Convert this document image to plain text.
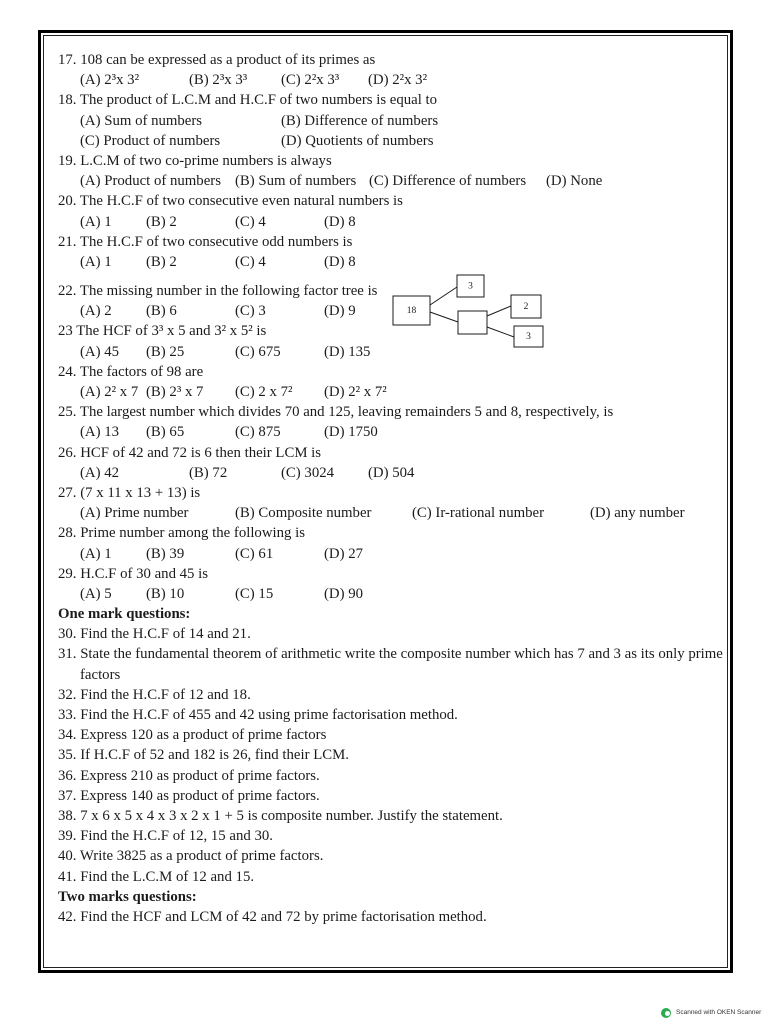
17. 108 can be expressed as a product of its primes as
(A) 2³x 3²	(B) 2³x 3³ (C) 2²x 3³ (D) 2²x 3²
18. The product of L.C.M and H.C.F of two numbers is equal to
(A) Sum of numbers	(B) Difference of numbers
(C) Product of numbers	(D) Quotients of numbers
19. L.C.M of two co-prime numbers is always
(A) Product of numbers (B) Sum of numbers (C) Difference of numbers (D) None
20. The H.C.F of two consecutive even natural numbers is
(A) 1 (B) 2	(C) 4	(D) 8
21. The H.C.F of two consecutive odd numbers is
(A) 1 (B) 2	(C) 4	(D) 8
22. The missing number in the following factor tree is
(A) 2 (B) 6	(C) 3	(D) 9
23 The HCF of 3³ x 5 and 3² x 5² is
(A) 45 (B) 25	(C) 675	(D) 135
24. The factors of 98 are
(A) 2² x 7 (B) 2³ x 7 (C) 2 x 7² (D) 2² x 7²
25. The largest number which divides 70 and 125, leaving remainders 5 and 8, respectively, is
(A) 13 (B) 65	(C) 875	(D) 1750
26. HCF of 42 and 72 is 6 then their LCM is
(A) 42	(B) 72	(C) 3024 (D) 504
27. (7 x 11 x 13 + 13) is
(A) Prime number	(B) Composite number	(C) Ir-rational number	(D) any number
28. Prime number among the following is
(A) 1 (B) 39	(C) 61	(D) 27
29. H.C.F of 30 and 45 is
(A) 5 (B) 10	(C) 15	(D) 90
One mark questions:
30. Find the H.C.F of 14 and 21.
31. State the fundamental theorem of arithmetic write the composite number which has 7 and 3 as its only prime
factors
32. Find the H.C.F of 12 and 18.
33. Find the H.C.F of 455 and 42 using prime factorisation method.
34. Express 120 as a product of prime factors
35. If H.C.F of 52 and 182 is 26, find their LCM.
36. Express 210 as product of prime factors.
37. Express 140 as product of prime factors.
38. 7 x 6 x 5 x 4 x 3 x 2 x 1 + 5 is composite number. Justify the statement.
39. Find the H.C.F of 12, 15 and 30.
40. Write 3825 as a product of prime factors.
41. Find the L.C.M of 12 and 15.
Two marks questions:
42. Find the HCF and LCM of 42 and 72 by prime factorisation method.
18
3
2
3
Scanned with OKEN Scanner
